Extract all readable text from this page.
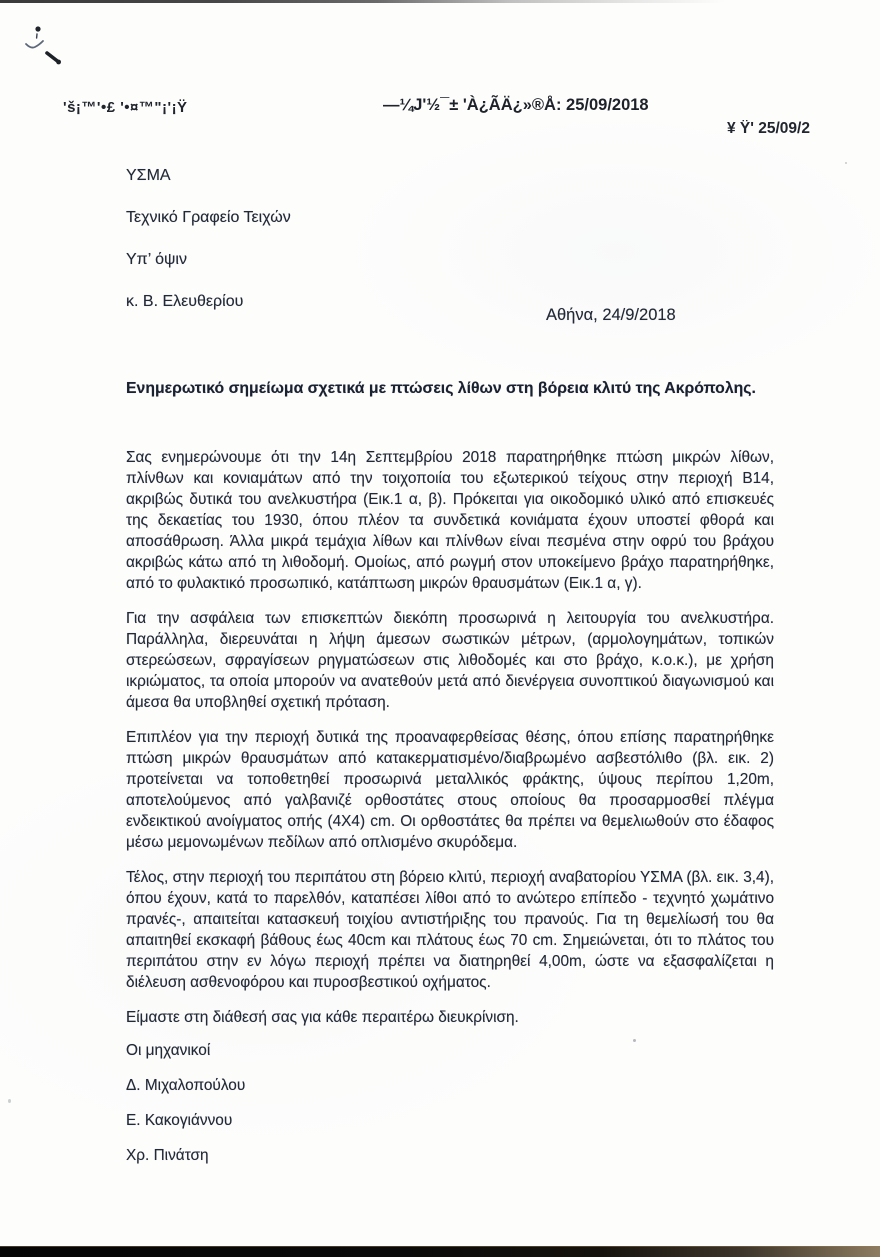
'š¡™'•£ '•¤™"¡'¡Ϋ	—¼J'½¯± 'À¿ÃÄ¿»®Å: 25/09/2018
¥ Ÿ' 25/09/2
ΥΣΜΑ
Τεχνικό Γραφείο Τειχών
Υπ’ όψιν
κ. Β. Ελευθερίου
Αθήνα, 24/9/2018
Ενημερωτικό σημείωμα σχετικά με πτώσεις λίθων στη βόρεια κλιτύ της Ακρόπολης.

Σας ενημερώνουμε ότι την 14η Σεπτεμβρίου 2018 παρατηρήθηκε πτώση μικρών λίθων, πλίνθων και κονιαμάτων από την τοιχοποιία του εξωτερικού τείχους στην περιοχή Β14, ακριβώς δυτικά του ανελκυστήρα (Εικ.1 α, β). Πρόκειται για οικοδομικό υλικό από επισκευές της δεκαετίας του 1930, όπου πλέον τα συνδετικά κονιάματα έχουν υποστεί φθορά και αποσάθρωση. Άλλα μικρά τεμάχια λίθων και πλίνθων είναι πεσμένα στην οφρύ του βράχου ακριβώς κάτω από τη λιθοδομή. Ομοίως, από ρωγμή στον υποκείμενο βράχο παρατηρήθηκε, από το φυλακτικό προσωπικό, κατάπτωση μικρών θραυσμάτων (Εικ.1 α, γ).

Για την ασφάλεια των επισκεπτών διεκόπη προσωρινά η λειτουργία του ανελκυστήρα. Παράλληλα, διερευνάται η λήψη άμεσων σωστικών μέτρων, (αρμολογημάτων, τοπικών στερεώσεων, σφραγίσεων ρηγματώσεων στις λιθοδομές και στο βράχο, κ.ο.κ.), με χρήση ικριώματος, τα οποία μπορούν να ανατεθούν μετά από διενέργεια συνοπτικού διαγωνισμού και άμεσα θα υποβληθεί σχετική πρόταση.

Επιπλέον για την περιοχή δυτικά της προαναφερθείσας θέσης, όπου επίσης παρατηρήθηκε πτώση μικρών θραυσμάτων από κατακερματισμένο/διαβρωμένο ασβεστόλιθο (βλ. εικ. 2) προτείνεται να τοποθετηθεί προσωρινά μεταλλικός φράκτης, ύψους περίπου 1,20m, αποτελούμενος από γαλβανιζέ ορθοστάτες στους οποίους θα προσαρμοσθεί πλέγμα ενδεικτικού ανοίγματος οπής (4X4) cm. Οι ορθοστάτες θα πρέπει να θεμελιωθούν στο έδαφος μέσω μεμονωμένων πεδίλων από οπλισμένο σκυρόδεμα.

Τέλος, στην περιοχή του περιπάτου στη βόρειο κλιτύ, περιοχή αναβατορίου ΥΣΜΑ (βλ. εικ. 3,4), όπου έχουν, κατά το παρελθόν, καταπέσει λίθοι από το ανώτερο επίπεδο - τεχνητό χωμάτινο πρανές-, απαιτείται κατασκευή τοιχίου αντιστήριξης του πρανούς. Για τη θεμελίωσή του θα απαιτηθεί εκσκαφή βάθους έως 40cm και πλάτους έως 70 cm. Σημειώνεται, ότι το πλάτος του περιπάτου στην εν λόγω περιοχή πρέπει να διατηρηθεί 4,00m, ώστε να εξασφαλίζεται η διέλευση ασθενοφόρου και πυροσβεστικού οχήματος.

Είμαστε στη διάθεσή σας για κάθε περαιτέρω διευκρίνιση.

Οι μηχανικοί

Δ. Μιχαλοπούλου

Ε. Κακογιάννου

Χρ. Πινάτση
